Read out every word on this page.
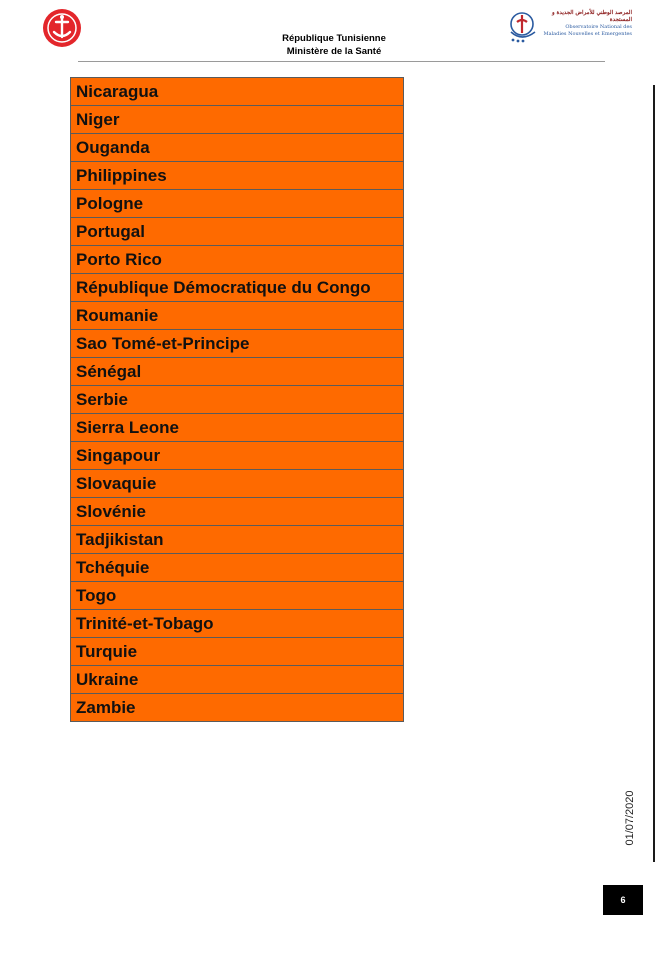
République Tunisienne
Ministère de la Santé
المرصد الوطني للأمراض الجديدة و المستجدة
Observatoire National des
Maladies Nouvelles et Emergentes
Nicaragua
Niger
Ouganda
Philippines
Pologne
Portugal
Porto Rico
République Démocratique du Congo
Roumanie
Sao Tomé-et-Principe
Sénégal
Serbie
Sierra Leone
Singapour
Slovaquie
Slovénie
Tadjikistan
Tchéquie
Togo
Trinité-et-Tobago
Turquie
Ukraine
Zambie
01/07/2020
6
